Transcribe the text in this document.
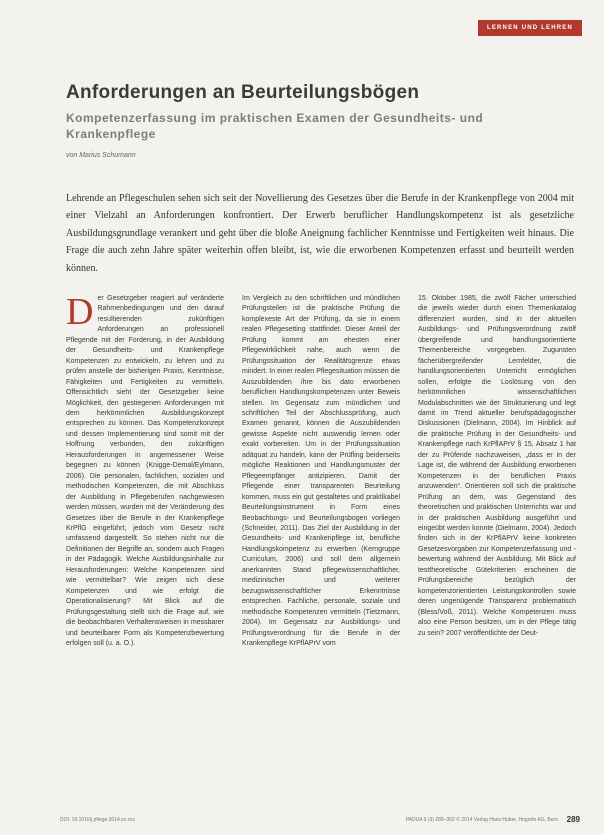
LERNEN UND LEHREN
Anforderungen an Beurteilungsbögen
Kompetenzerfassung im praktischen Examen der Gesundheits- und Krankenpflege
von Marius Schumann

Lehrende an Pflegeschulen sehen sich seit der Novellierung des Gesetzes über die Berufe in der Krankenpflege von 2004 mit einer Vielzahl an Anforderungen konfrontiert. Der Erwerb beruflicher Handlungskompetenz ist als gesetzliche Ausbildungsgrundlage verankert und geht über die bloße Aneignung fachlicher Kenntnisse und Fertigkeiten weit hinaus. Die Frage die auch zehn Jahre später weiterhin offen bleibt, ist, wie die erworbenen Kompetenzen erfasst und beurteilt werden können.

Der Gesetzgeber reagiert auf veränderte Rahmenbedingungen und den darauf resultierenden zukünftigen Anforderungen an professionell Pflegende mit der Forderung, in der Ausbildung der Gesundheits- und Krankenpflege Kompetenzen zu entwickeln, zu lehren und zu prüfen anstelle der bisherigen Praxis, Kenntnisse, Fähigkeiten und Fertigkeiten zu vermitteln. Offensichtlich sieht der Gesetzgeber keine Möglichkeit, den gestiegenen Anforderungen mit dem herkömmlichen Ausbildungskonzept entsprechen zu können. Das Kompetenzkonzept und dessen Implementierung sind somit mit der Hoffnung verbunden, den zukünftigen Herausforderungen in angemessener Weise begegnen zu können (Knigge-Demal/Eylmann, 2006). Die personalen, fachlichen, sozialen und methodischen Kompetenzen, die mit Abschluss der Ausbildung in Pflegeberufen nachgewiesen werden müssen, wurden mit der Veränderung des Gesetzes über die Berufe in der Krankenpflege KrPflG eingeführt, jedoch vom Gesetz nicht umfassend dargestellt. So stehen nicht nur die Definitionen der Begriffe an, sondern auch Fragen in der Pädagogik. Welche Ausbildungsinhalte zur Herausforderungen: Welche Kompetenzen sind wie vermittelbar? Wie zeigen sich diese Kompetenzen und wie erfolgt die Operationalisierung? Mit Blick auf die Prüfungsgestaltung stellt sich die Frage auf, wie die beobachtbaren Verhaltensweisen in messbarer und beurteilbarer Form als Kompetenzbewertung erfolgen soll (u. a. O.).

Im Vergleich zu den schriftlichen und mündlichen Prüfungsteilen ist die praktische Prüfung die komplexeste Art der Prüfung, da sie in einem realen Pflegesetting stattfindet. Dieser Anteil der Prüfung kommt am ehesten einer Pflegewirklichkeit nahe, auch wenn die Prüfungssituation der Realitätsgrenze etwas mindert. In einer realen Pflegesituation müssen die Auszubildenden ihre bis dato erworbenen beruflichen Handlungskompetenzen unter Beweis stellen. Im Gegensatz zum mündlichen und schriftlichen Teil der Abschlussprüfung, auch Examen genannt, können die Auszubildenden gewisse Aspekte nicht auswendig lernen oder exakt vorbereiten. Um in der Prüfungssituation adäquat zu handeln, kann der Prüfling beiderseits mögliche Reaktionen und Handlungsmuster der Pflegeempfänger antizipieren. Damit der Pflegende einer transparenten Beurteilung kommen, muss ein gut gestaltetes und praktikabel Beurteilungsinstrument in Form eines Beobachtungs- und Beurteilungsbogen vorliegen (Schneider, 2011). Das Ziel der Ausbildung in der Gesundheits- und Krankenpflege ist, berufliche Handlungskompetenz zu erwerben (Kerngruppe Curriculum, 2006) und soll dem allgemein anerkannten Stand pflegewissenschaftlicher, medizinischer und weiterer bezugswissenschaftlicher Erkenntnisse entsprechen. Fachliche, personale, soziale und methodische Kompetenzen vermitteln (Tietzmann, 2004). Im Gegensatz zur Ausbildungs- und Prüfungsverordnung für die Berufe in der Krankenpflege KrPflAPrV vom

15. Oktober 1985, die zwölf Fächer unterschied die jeweils wieder durch einen Themenkatalog differenziert wurden, sind in der aktuellen Ausbildungs- und Prüfungsverordnung zwölf übergreifende und handlungsorientierte Themenbereiche vorgegeben. Zugunsten fächerübergreifender Lernfelder, die handlungsorientierten Unterricht ermöglichen sollen, erfolgte die Loslösung von den herkömmlichen wissenschaftlichen Modulabschnitten wie der Strukturierung und legt damit im Trend aktueller berufspädagogischer Diskussionen (Dielmann, 2004). Im Hinblick auf die praktische Prüfung in der Gesundheits- und Krankenpflege nach KrPflAPrV § 15, Absatz 1 hat der zu Prüfende nachzuweisen, „dass er in der Lage ist, die während der Ausbildung erworbenen Kompetenzen in der beruflichen Praxis anzuwenden“. Orientieren soll sich die praktische Prüfung an dem, was Gegenstand des theoretischen und praktischen Unterrichts war und in der praktischen Ausbildung ausgeführt und eingeübt werden konnte (Dielmann, 2004). Jedoch finden sich in der KrPflAPrV keine konkreten Gesetzesvorgaben zur Kompetenzerfassung und -bewertung während der Ausbildung. Mit Blick auf testtheoretische Gütekriterien erscheinen die Prüfungsbereiche bezüglich der kompetenzorientierten Leistungskontrollen sowie deren ungenügende Transparenz problematisch (Bless/Voß, 2011). Welche Kompetenzen muss also eine Person besitzen, um in der Pflege tätig zu sein? 2007 veröffentlichte der Deut-

DOI: 10.1016/j.pflege.2014.xx.xxx	PADUA 9 (3) 289–302 © 2014 Verlag Hans Huber, Hogrefe AG, Bern 289
